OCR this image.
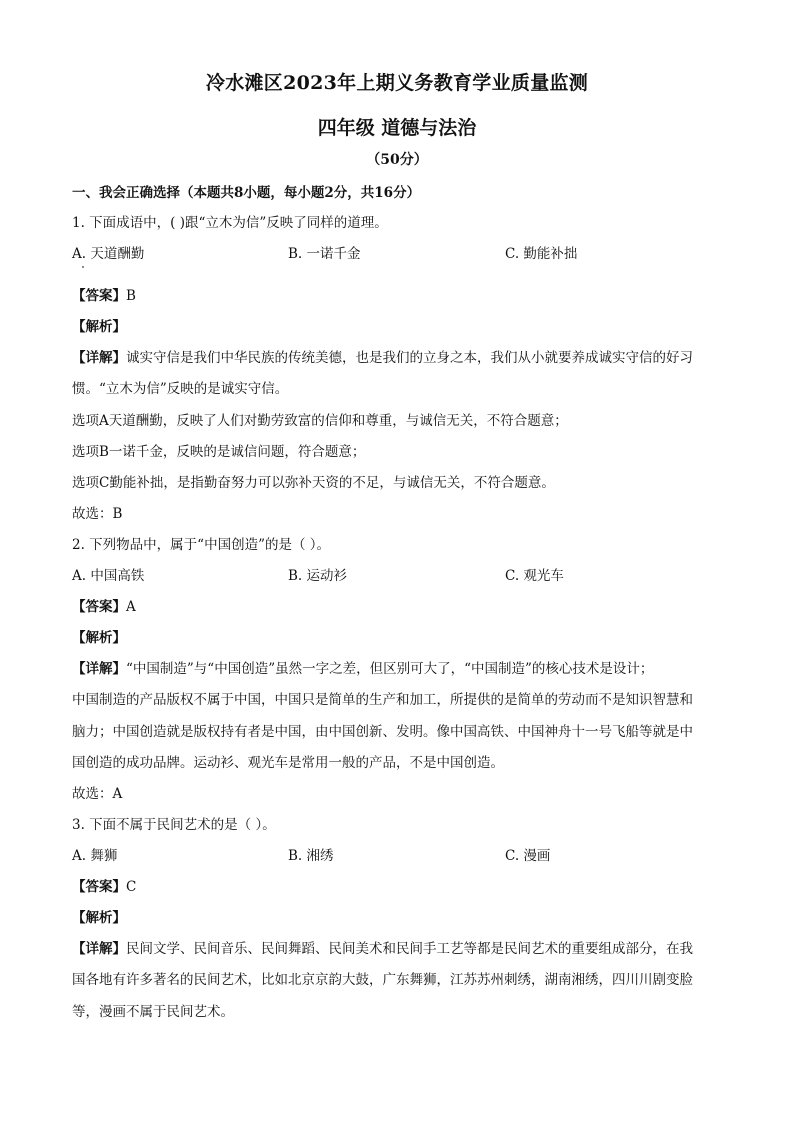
冷水滩区2023年上期义务教育学业质量监测
四年级 道德与法治
（50分）
一、我会正确选择（本题共8小题，每小题2分，共16分）
1. 下面成语中，( )跟“立木为信”反映了同样的道理。
A. 天道酬勤	B. 一诺千金	C. 勤能补拙
【答案】B
【解析】
【详解】诚实守信是我们中华民族的传统美德，也是我们的立身之本，我们从小就要养成诚实守信的好习
惯。“立木为信”反映的是诚实守信。
选项A天道酬勤，反映了人们对勤劳致富的信仰和尊重，与诚信无关，不符合题意；
选项B一诺千金，反映的是诚信问题，符合题意；
选项C勤能补拙，是指勤奋努力可以弥补天资的不足，与诚信无关，不符合题意。
故选：B
2. 下列物品中，属于“中国创造”的是（ ）。
A. 中国高铁	B. 运动衫	C. 观光车
【答案】A
【解析】
【详解】“中国制造”与“中国创造”虽然一字之差，但区别可大了，“中国制造”的核心技术是设计；
中国制造的产品版权不属于中国，中国只是简单的生产和加工，所提供的是简单的劳动而不是知识智慧和
脑力；中国创造就是版权持有者是中国，由中国创新、发明。像中国高铁、中国神舟十一号飞船等就是中
国创造的成功品牌。运动衫、观光车是常用一般的产品，不是中国创造。
故选：A
3. 下面不属于民间艺术的是（ ）。
A. 舞狮	B. 湘绣	C. 漫画
【答案】C
【解析】
【详解】民间文学、民间音乐、民间舞蹈、民间美术和民间手工艺等都是民间艺术的重要组成部分，在我
国各地有许多著名的民间艺术，比如北京京韵大鼓，广东舞狮，江苏苏州刺绣，湖南湘绣，四川川剧变脸
等，漫画不属于民间艺术。
